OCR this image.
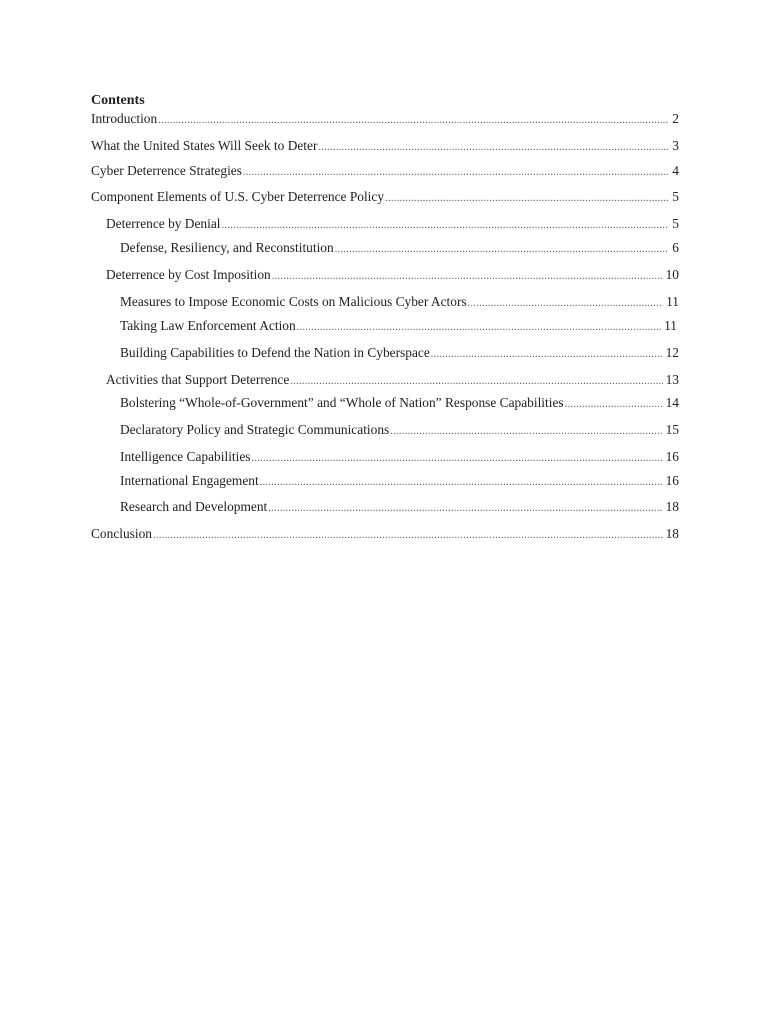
Contents
Introduction .....	2
What the United States Will Seek to Deter .....	3
Cyber Deterrence Strategies .....	4
Component Elements of U.S. Cyber Deterrence Policy .....	5
Deterrence by Denial .....	5
Defense, Resiliency, and Reconstitution .....	6
Deterrence by Cost Imposition .....	10
Measures to Impose Economic Costs on Malicious Cyber Actors .....	11
Taking Law Enforcement Action .....	11
Building Capabilities to Defend the Nation in Cyberspace .....	12
Activities that Support Deterrence .....	13
Bolstering “Whole-of-Government” and “Whole of Nation” Response Capabilities .....	14
Declaratory Policy and Strategic Communications .....	15
Intelligence Capabilities .....	16
International Engagement .....	16
Research and Development .....	18
Conclusion .....	18
